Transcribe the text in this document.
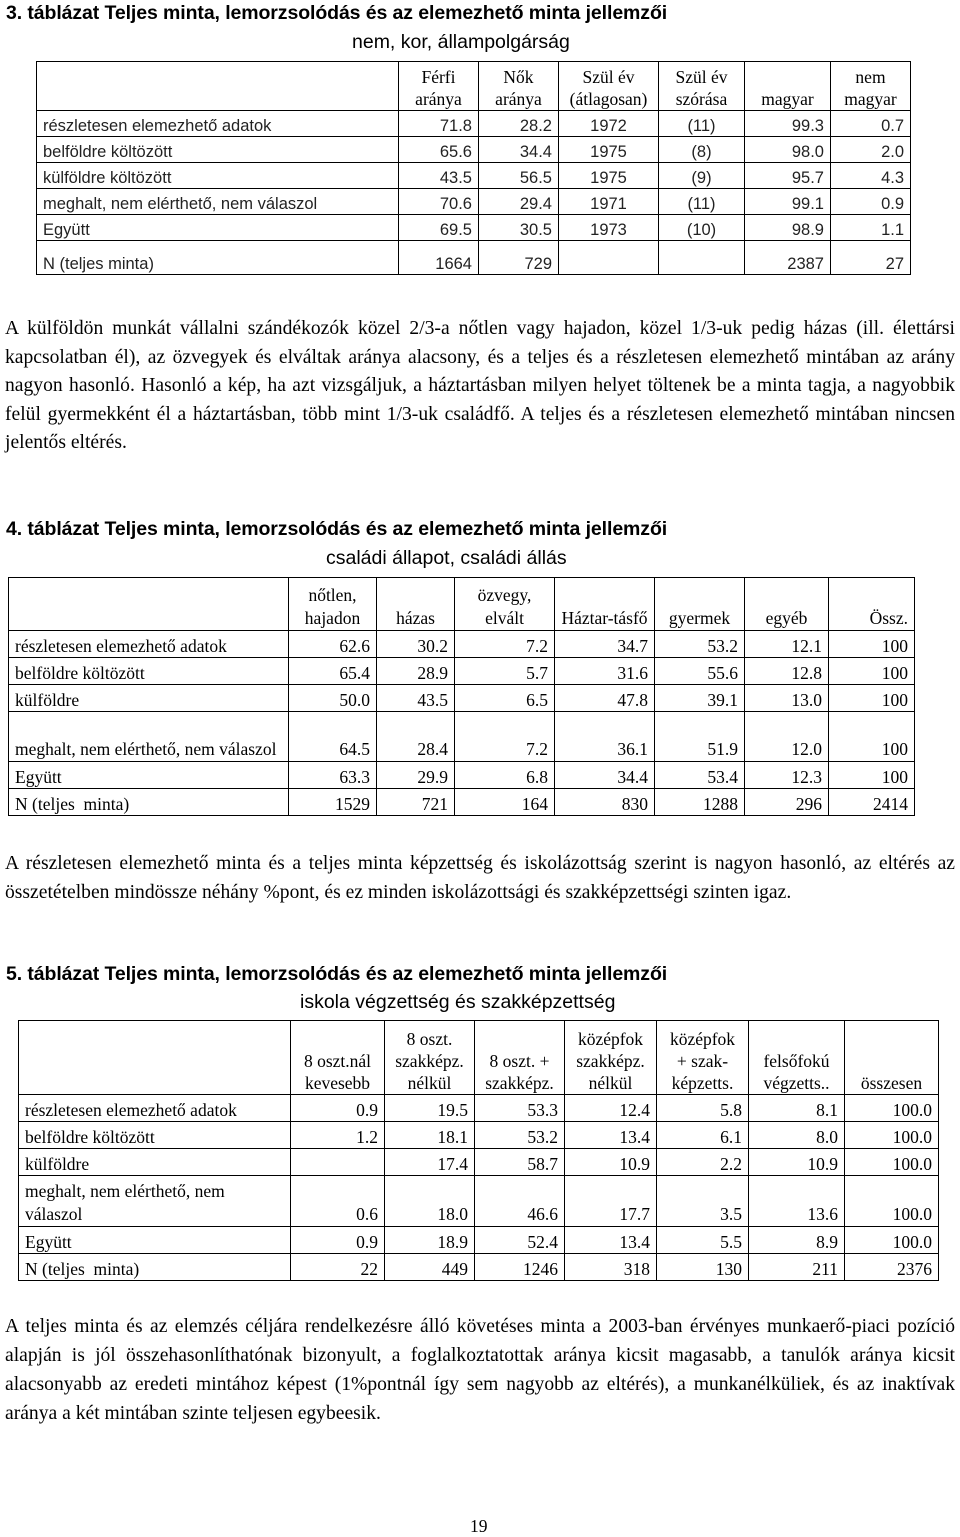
3. táblázat Teljes minta, lemorzsolódás és az elemezhető minta jellemzői
nem, kor, állampolgárság
	Férfi aránya	Nők aránya	Szül év (átlagosan)	Szül év szórása	magyar	nem magyar
részletesen elemezhető adatok	71.8	28.2	1972	(11)	99.3	0.7
belföldre költözött	65.6	34.4	1975	(8)	98.0	2.0
külföldre költözött	43.5	56.5	1975	(9)	95.7	4.3
meghalt, nem elérthető, nem válaszol	70.6	29.4	1971	(11)	99.1	0.9
Együtt	69.5	30.5	1973	(10)	98.9	1.1
N (teljes minta)	1664	729			2387	27
A külföldön munkát vállalni szándékozók közel 2/3-a nőtlen vagy hajadon, közel 1/3-uk pedig házas (ill. élettársi kapcsolatban él), az özvegyek és elváltak aránya alacsony, és a teljes és a részletesen elemezhető mintában az arány nagyon hasonló. Hasonló a kép, ha azt vizsgáljuk, a háztartásban milyen helyet töltenek be a minta tagja, a nagyobbik felül gyermekként él a háztartásban, több mint 1/3-uk családfő. A teljes és a részletesen elemezhető mintában nincsen jelentős eltérés.
4. táblázat Teljes minta, lemorzsolódás és az elemezhető minta jellemzői
családi állapot, családi állás
	nőtlen, hajadon	házas	özvegy, elvált	Háztar-tásfő	gyermek	egyéb	Össz.
részletesen elemezhető adatok	62.6	30.2	7.2	34.7	53.2	12.1	100
belföldre költözött	65.4	28.9	5.7	31.6	55.6	12.8	100
külföldre	50.0	43.5	6.5	47.8	39.1	13.0	100
meghalt, nem elérthető, nem válaszol	64.5	28.4	7.2	36.1	51.9	12.0	100
Együtt	63.3	29.9	6.8	34.4	53.4	12.3	100
N (teljes  minta)	1529	721	164	830	1288	296	2414
A részletesen elemezhető minta és a teljes minta képzettség és iskolázottság szerint is nagyon hasonló, az eltérés az összetételben mindössze néhány %pont, és ez minden iskolázottsági és szakképzettségi szinten igaz.
5. táblázat Teljes minta, lemorzsolódás és az elemezhető minta jellemzői
iskola végzettség és szakképzettség
	8 oszt.nál kevesebb	8 oszt. szakképz. nélkül	8 oszt. + szakképz.	középfok szakképz. nélkül	középfok + szak-képzetts.	felsőfokú végzetts..	összesen
részletesen elemezhető adatok	0.9	19.5	53.3	12.4	5.8	8.1	100.0
belföldre költözött	1.2	18.1	53.2	13.4	6.1	8.0	100.0
külföldre		17.4	58.7	10.9	2.2	10.9	100.0
meghalt, nem elérthető, nem válaszol	0.6	18.0	46.6	17.7	3.5	13.6	100.0
Együtt	0.9	18.9	52.4	13.4	5.5	8.9	100.0
N (teljes  minta)	22	449	1246	318	130	211	2376
A teljes minta és az elemzés céljára rendelkezésre álló követéses minta a 2003-ban érvényes munkaerő-piaci pozíció alapján is jól összehasonlíthatónak bizonyult, a foglalkoztatottak aránya kicsit magasabb, a tanulók aránya kicsit alacsonyabb az eredeti mintához képest (1%pontnál így sem nagyobb az eltérés), a munkanélküliek, és az inaktívak aránya a két mintában szinte teljesen egybeesik.
19
